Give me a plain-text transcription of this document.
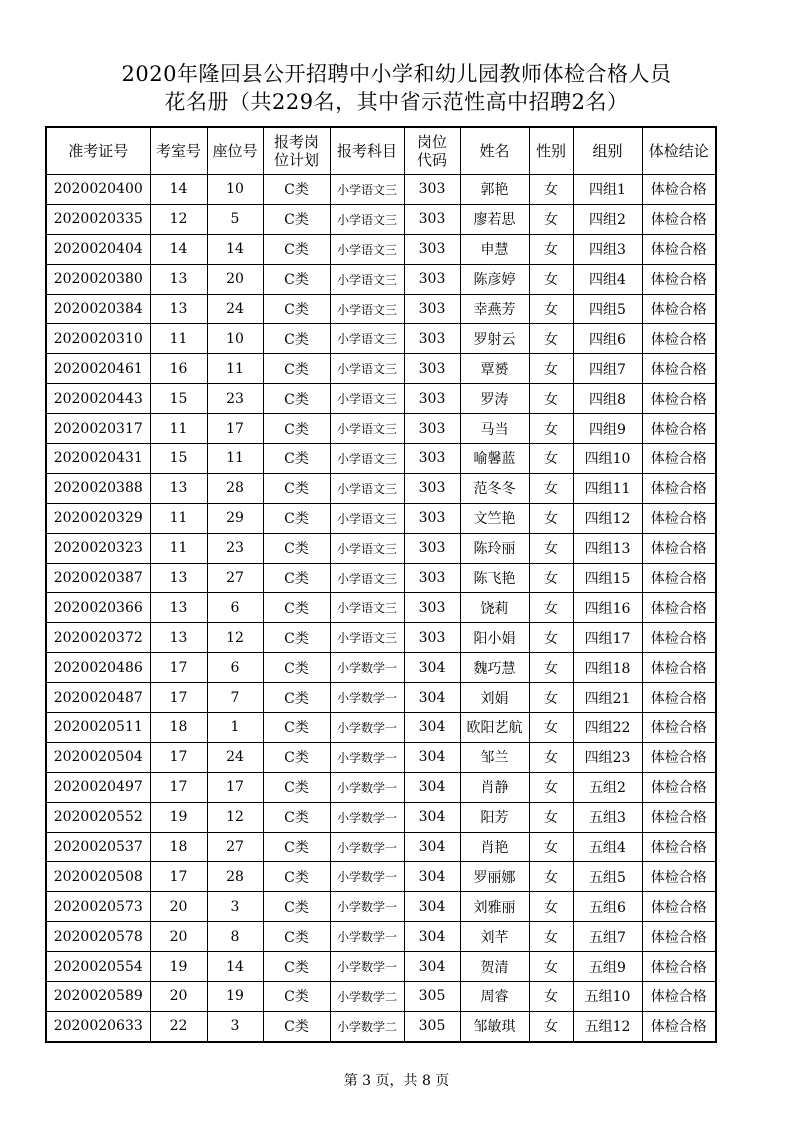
2020年隆回县公开招聘中小学和幼儿园教师体检合格人员
花名册（共229名，其中省示范性高中招聘2名）
准考证号	考室号	座位号	报考岗
位计划	报考科目	岗位
代码	姓名	性别	组别	体检结论
2020020400	14	10	C类	小学语文三	303	郭艳	女	四组1	体检合格
2020020335	12	5	C类	小学语文三	303	廖若思	女	四组2	体检合格
2020020404	14	14	C类	小学语文三	303	申慧	女	四组3	体检合格
2020020380	13	20	C类	小学语文三	303	陈彦婷	女	四组4	体检合格
2020020384	13	24	C类	小学语文三	303	幸燕芳	女	四组5	体检合格
2020020310	11	10	C类	小学语文三	303	罗射云	女	四组6	体检合格
2020020461	16	11	C类	小学语文三	303	覃赟	女	四组7	体检合格
2020020443	15	23	C类	小学语文三	303	罗涛	女	四组8	体检合格
2020020317	11	17	C类	小学语文三	303	马当	女	四组9	体检合格
2020020431	15	11	C类	小学语文三	303	喻馨蓝	女	四组10	体检合格
2020020388	13	28	C类	小学语文三	303	范冬冬	女	四组11	体检合格
2020020329	11	29	C类	小学语文三	303	文竺艳	女	四组12	体检合格
2020020323	11	23	C类	小学语文三	303	陈玲丽	女	四组13	体检合格
2020020387	13	27	C类	小学语文三	303	陈飞艳	女	四组15	体检合格
2020020366	13	6	C类	小学语文三	303	饶莉	女	四组16	体检合格
2020020372	13	12	C类	小学语文三	303	阳小娟	女	四组17	体检合格
2020020486	17	6	C类	小学数学一	304	魏巧慧	女	四组18	体检合格
2020020487	17	7	C类	小学数学一	304	刘娟	女	四组21	体检合格
2020020511	18	1	C类	小学数学一	304	欧阳艺航	女	四组22	体检合格
2020020504	17	24	C类	小学数学一	304	邹兰	女	四组23	体检合格
2020020497	17	17	C类	小学数学一	304	肖静	女	五组2	体检合格
2020020552	19	12	C类	小学数学一	304	阳芳	女	五组3	体检合格
2020020537	18	27	C类	小学数学一	304	肖艳	女	五组4	体检合格
2020020508	17	28	C类	小学数学一	304	罗丽娜	女	五组5	体检合格
2020020573	20	3	C类	小学数学一	304	刘雅丽	女	五组6	体检合格
2020020578	20	8	C类	小学数学一	304	刘芊	女	五组7	体检合格
2020020554	19	14	C类	小学数学一	304	贺清	女	五组9	体检合格
2020020589	20	19	C类	小学数学二	305	周睿	女	五组10	体检合格
2020020633	22	3	C类	小学数学二	305	邹敏琪	女	五组12	体检合格
第 3 页，共 8 页
